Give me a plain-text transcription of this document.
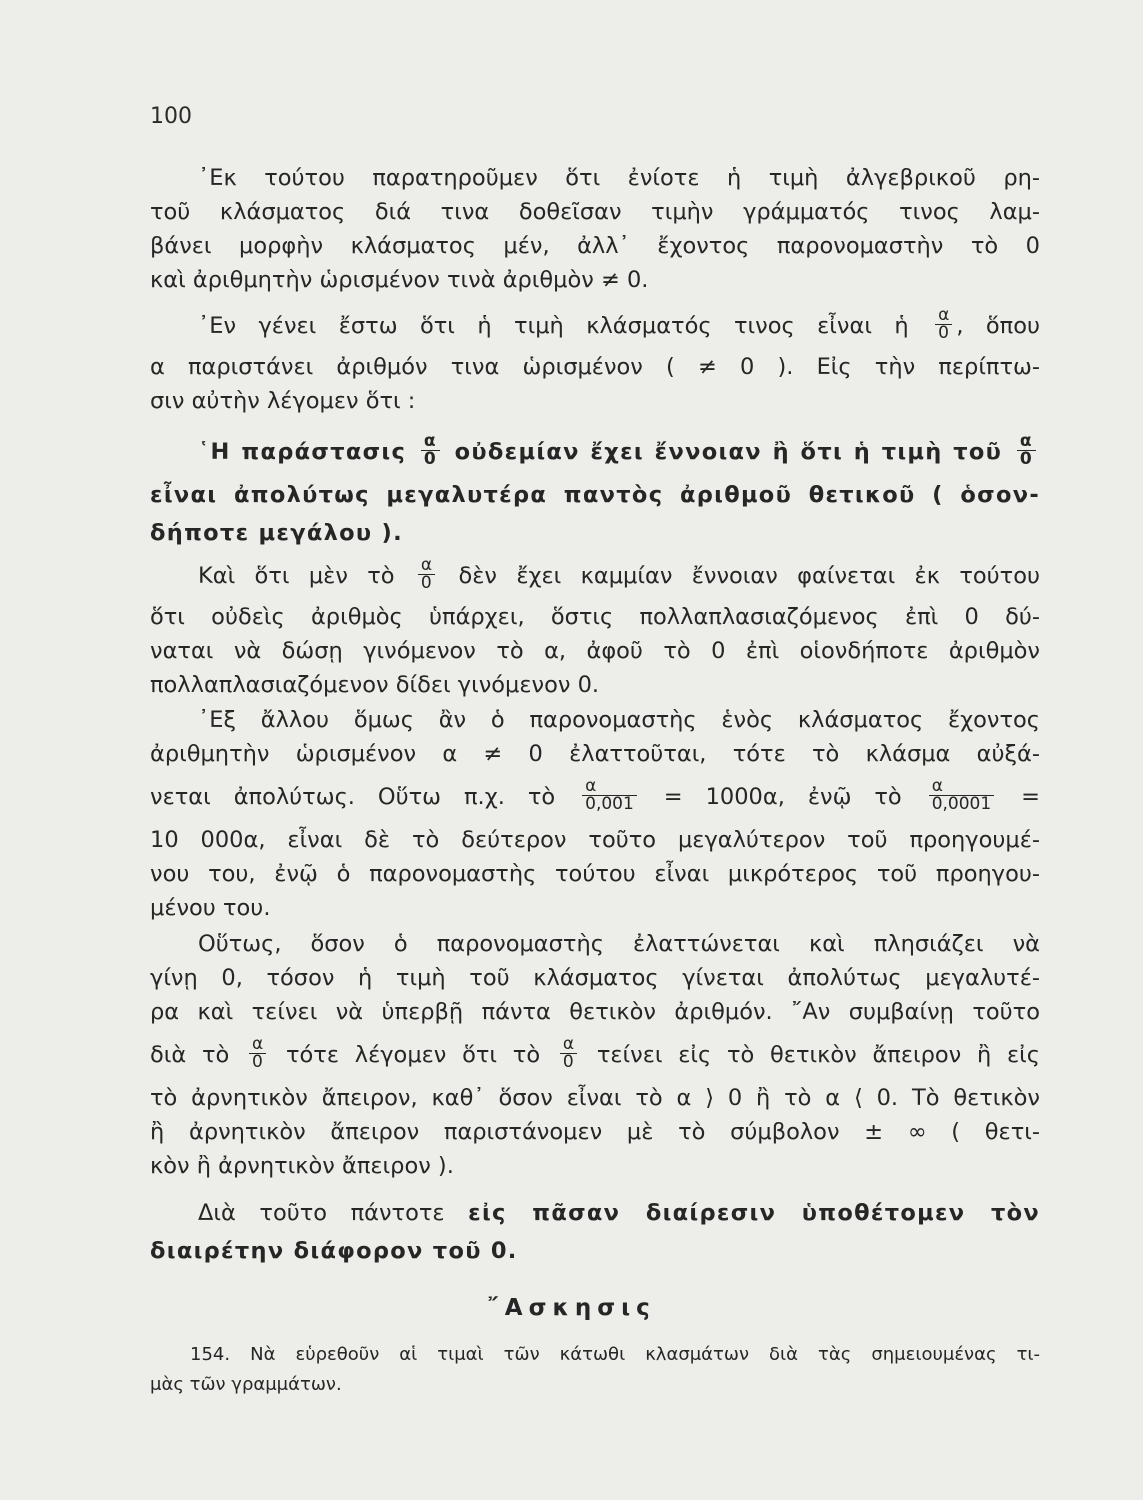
100
᾿Εκ τούτου παρατηροῦμεν ὅτι ἐνίοτε ἡ τιμὴ ἀλγεβρικοῦ ρη-
τοῦ κλάσματος διά τινα δοθεῖσαν τιμὴν γράμματός τινος λαμ-
βάνει μορφὴν κλάσματος μέν, ἀλλ᾿ ἔχοντος παρονομαστὴν τὸ 0
καὶ ἀριθμητὴν ὡρισμένον τινὰ ἀριθμὸν ≠ 0.
᾿Εν γένει ἔστω ὅτι ἡ τιμὴ κλάσματός τινος εἶναι ἡ $\frac{\alpha}{0}$ , ὅπου
α παριστάνει ἀριθμόν τινα ὡρισμένον ( ≠ 0 ). Εἰς τὴν περίπτω-
σιν αὐτὴν λέγομεν ὅτι :
῾Η παράστασις $\frac{\alpha}{0}$ οὐδεμίαν ἔχει ἔννοιαν ἢ ὅτι ἡ τιμὴ τοῦ $\frac{\alpha}{0}$
εἶναι ἀπολύτως μεγαλυτέρα παντὸς ἀριθμοῦ θετικοῦ ( ὁσον-
δήποτε μεγάλου ).
Καὶ ὅτι μὲν τὸ $\frac{\alpha}{0}$ δὲν ἔχει καμμίαν ἔννοιαν φαίνεται ἐκ τούτου
ὅτι οὐδεὶς ἀριθμὸς ὑπάρχει, ὅστις πολλαπλασιαζόμενος ἐπὶ 0 δύ-
ναται νὰ δώσῃ γινόμενον τὸ α, ἀφοῦ τὸ 0 ἐπὶ οἱονδήποτε ἀριθμὸν
πολλαπλασιαζόμενον δίδει γινόμενον 0.
᾿Εξ ἄλλου ὅμως ἂν ὁ παρονομαστὴς ἑνὸς κλάσματος ἔχοντος
ἀριθμητὴν ὡρισμένον α ≠ 0 ἐλαττοῦται, τότε τὸ κλάσμα αὐξά-
νεται ἀπολύτως. Οὕτω π.χ. τὸ $\frac{\alpha}{0,001} = 1000\alpha$, ἐνῷ τὸ $\frac{\alpha}{0,0001}$ =
10 000α, εἶναι δὲ τὸ δεύτερον τοῦτο μεγαλύτερον τοῦ προηγουμέ-
νου του, ἐνῷ ὁ παρονομαστὴς τούτου εἶναι μικρότερος τοῦ προηγου-
μένου του.
Οὕτως, ὅσον ὁ παρονομαστὴς ἐλαττώνεται καὶ πλησιάζει νὰ
γίνῃ 0, τόσον ἡ τιμὴ τοῦ κλάσματος γίνεται ἀπολύτως μεγαλυτέ-
ρα καὶ τείνει νὰ ὑπερβῇ πάντα θετικὸν ἀριθμόν. ῎Αν συμβαίνῃ τοῦτο
διὰ τὸ $\frac{\alpha}{0}$ τότε λέγομεν ὅτι τὸ $\frac{\alpha}{0}$ τείνει εἰς τὸ θετικὸν ἄπειρον ἢ εἰς
τὸ ἀρνητικὸν ἄπειρον, καθ᾿ ὅσον εἶναι τὸ α ⟩ 0 ἢ τὸ α ⟨ 0. Τὸ θετικὸν
ἢ ἀρνητικὸν ἄπειρον παριστάνομεν μὲ τὸ σύμβολον ± ∞ ( θετι-
κὸν ἢ ἀρνητικὸν ἄπειρον ).
Διὰ τοῦτο πάντοτε εἰς πᾶσαν διαίρεσιν ὑποθέτομεν τὸν
διαιρέτην διάφορον τοῦ 0.
῎Ασκησις
154. Νὰ εὑρεθοῦν αἱ τιμαὶ τῶν κάτωθι κλασμάτων διὰ τὰς σημειουμένας τι-
μὰς τῶν γραμμάτων.
